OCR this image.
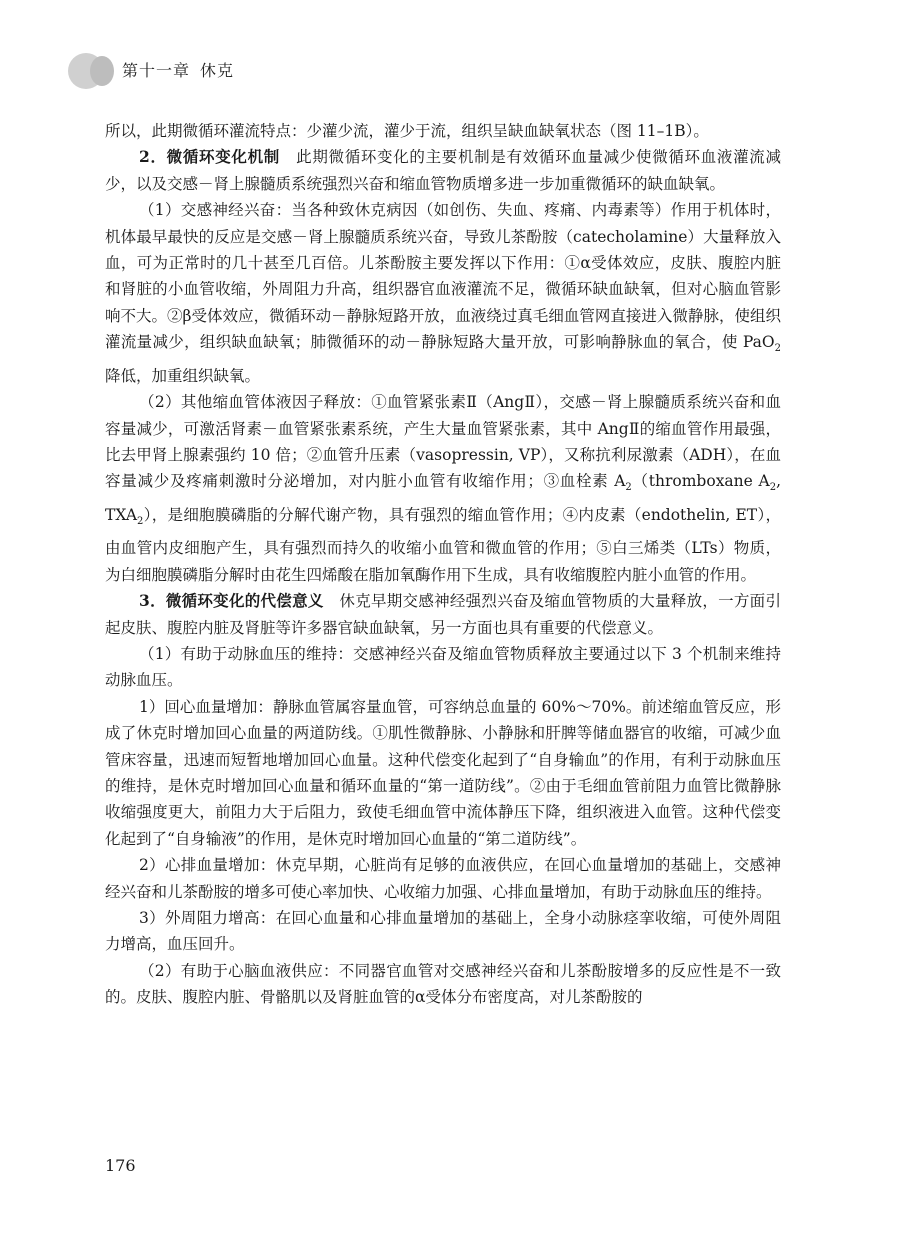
第十一章 休克

所以，此期微循环灌流特点：少灌少流，灌少于流，组织呈缺血缺氧状态（图 11–1B）。

2．微循环变化机制　 此期微循环变化的主要机制是有效循环血量减少使微循环血液灌流减少，以及交感－肾上腺髓质系统强烈兴奋和缩血管物质增多进一步加重微循环的缺血缺氧。

（1）交感神经兴奋：当各种致休克病因（如创伤、失血、疼痛、内毒素等）作用于机体时，机体最早最快的反应是交感－肾上腺髓质系统兴奋，导致儿茶酚胺（catecholamine）大量释放入血，可为正常时的几十甚至几百倍。儿茶酚胺主要发挥以下作用：①α受体效应，皮肤、腹腔内脏和肾脏的小血管收缩，外周阻力升高，组织器官血液灌流不足，微循环缺血缺氧，但对心脑血管影响不大。②β受体效应，微循环动－静脉短路开放，血液绕过真毛细血管网直接进入微静脉，使组织灌流量减少，组织缺血缺氧；肺微循环的动－静脉短路大量开放，可影响静脉血的氧合，使 PaO$_2$ 降低，加重组织缺氧。

（2）其他缩血管体液因子释放：①血管紧张素Ⅱ（AngⅡ），交感－肾上腺髓质系统兴奋和血容量减少，可激活肾素－血管紧张素系统，产生大量血管紧张素，其中 AngⅡ的缩血管作用最强，比去甲肾上腺素强约 10 倍；②血管升压素（vasopressin, VP），又称抗利尿激素（ADH），在血容量减少及疼痛刺激时分泌增加，对内脏小血管有收缩作用；③血栓素 $A_2(thromboxane$ $A_2$, $TXA_2$），是细胞膜磷脂的分解代谢产物，具有强烈的缩血管作用；④内皮素（endothelin, ET），由血管内皮细胞产生，具有强烈而持久的收缩小血管和微血管的作用；⑤白三烯类（LTs）物质，为白细胞膜磷脂分解时由花生四烯酸在脂加氧酶作用下生成，具有收缩腹腔内脏小血管的作用。

3．微循环变化的代偿意义　 休克早期交感神经强烈兴奋及缩血管物质的大量释放，一方面引起皮肤、腹腔内脏及肾脏等许多器官缺血缺氧，另一方面也具有重要的代偿意义。

（1）有助于动脉血压的维持：交感神经兴奋及缩血管物质释放主要通过以下 3 个机制来维持动脉血压。

1）回心血量增加：静脉血管属容量血管，可容纳总血量的 60%～70%。前述缩血管反应，形成了休克时增加回心血量的两道防线。①肌性微静脉、小静脉和肝脾等储血器官的收缩，可减少血管床容量，迅速而短暂地增加回心血量。这种代偿变化起到了“自身输血”的作用，有利于动脉血压的维持，是休克时增加回心血量和循环血量的“第一道防线”。②由于毛细血管前阻力血管比微静脉收缩强度更大，前阻力大于后阻力，致使毛细血管中流体静压下降，组织液进入血管。这种代偿变化起到了“自身输液”的作用，是休克时增加回心血量的“第二道防线”。

2）心排血量增加：休克早期，心脏尚有足够的血液供应，在回心血量增加的基础上，交感神经兴奋和儿茶酚胺的增多可使心率加快、心收缩力加强、心排血量增加，有助于动脉血压的维持。

3）外周阻力增高：在回心血量和心排血量增加的基础上，全身小动脉痉挛收缩，可使外周阻力增高，血压回升。

（2）有助于心脑血液供应：不同器官血管对交感神经兴奋和儿茶酚胺增多的反应性是不一致的。皮肤、腹腔内脏、骨骼肌以及肾脏血管的α受体分布密度高，对儿茶酚胺的

176
